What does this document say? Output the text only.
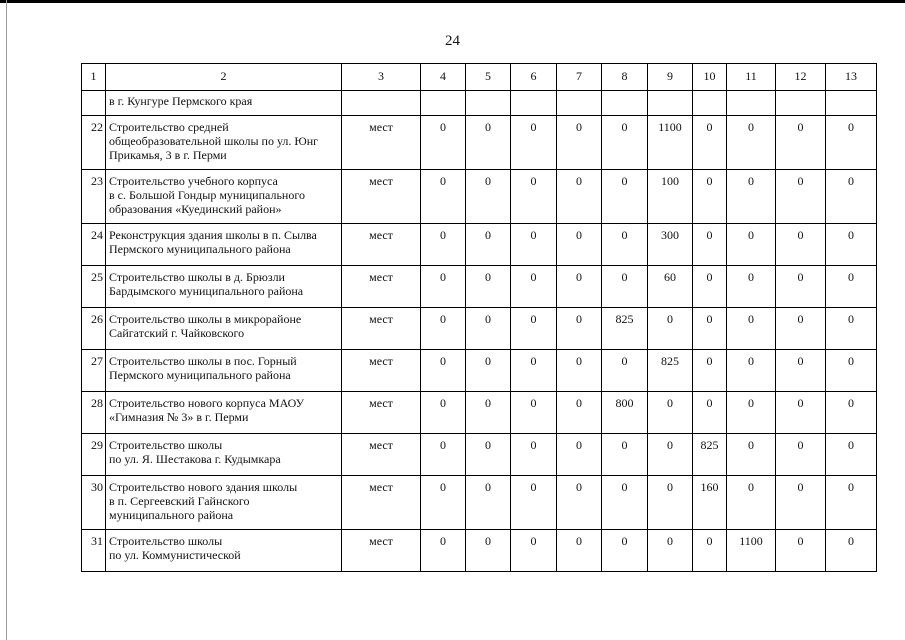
24
1	2	3	4	5	6	7	8	9	10	11	12	13
	в г. Кунгуре Пермского края											
22	Строительство средней
общеобразовательной школы по ул. Юнг
Прикамья, 3 в г. Перми	мест	0	0	0	0	0	1100	0	0	0	0
23	Строительство учебного корпуса
в с. Большой Гондыр муниципального
образования «Куединский район»	мест	0	0	0	0	0	100	0	0	0	0
24	Реконструкция здания школы в п. Сылва
Пермского муниципального района	мест	0	0	0	0	0	300	0	0	0	0
25	Строительство школы в д. Брюзли
Бардымского муниципального района	мест	0	0	0	0	0	60	0	0	0	0
26	Строительство школы в микрорайоне
Сайгатский г. Чайковского	мест	0	0	0	0	825	0	0	0	0	0
27	Строительство школы в пос. Горный
Пермского муниципального района	мест	0	0	0	0	0	825	0	0	0	0
28	Строительство нового корпуса МАОУ
«Гимназия № 3» в г. Перми	мест	0	0	0	0	800	0	0	0	0	0
29	Строительство школы
по ул. Я. Шестакова г. Кудымкара	мест	0	0	0	0	0	0	825	0	0	0
30	Строительство нового здания школы
в п. Сергеевский Гайнского
муниципального района	мест	0	0	0	0	0	0	160	0	0	0
31	Строительство школы
по ул. Коммунистической	мест	0	0	0	0	0	0	0	1100	0	0
